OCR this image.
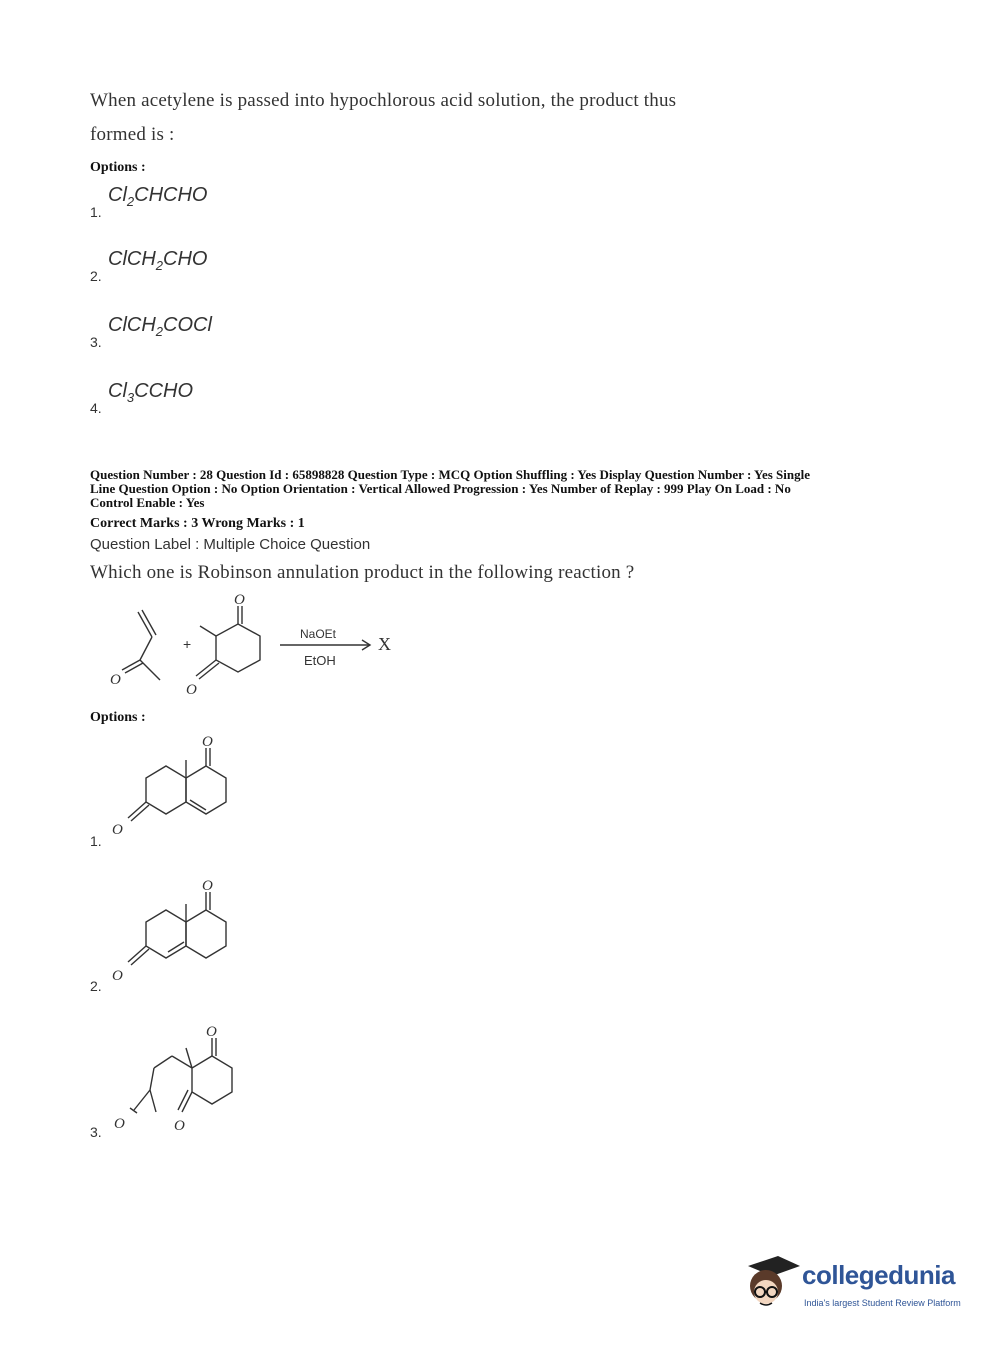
When acetylene is passed into hypochlorous acid solution, the product thus
formed is :
Options :
1.
$Cl_2CHCHO$
2.
ClCH$_2$CHO
3.
ClCH$_2$COCl
4.
$Cl_3CCHO$
Question Number : 28 Question Id : 65898828 Question Type : MCQ Option Shuffling : Yes Display Question Number : Yes Single
Line Question Option : No Option Orientation : Vertical Allowed Progression : Yes Number of Replay : 999 Play On Load : No
Control Enable : Yes
Correct Marks : 3 Wrong Marks : 1
Question Label : Multiple Choice Question
Which one is Robinson annulation product in the following reaction ?
O
+
O
O
NaOEt
EtOH
X
Options :
1.
O
O
2.
O
O
3.
O
O	O
collegedunia
India's largest Student Review Platform
